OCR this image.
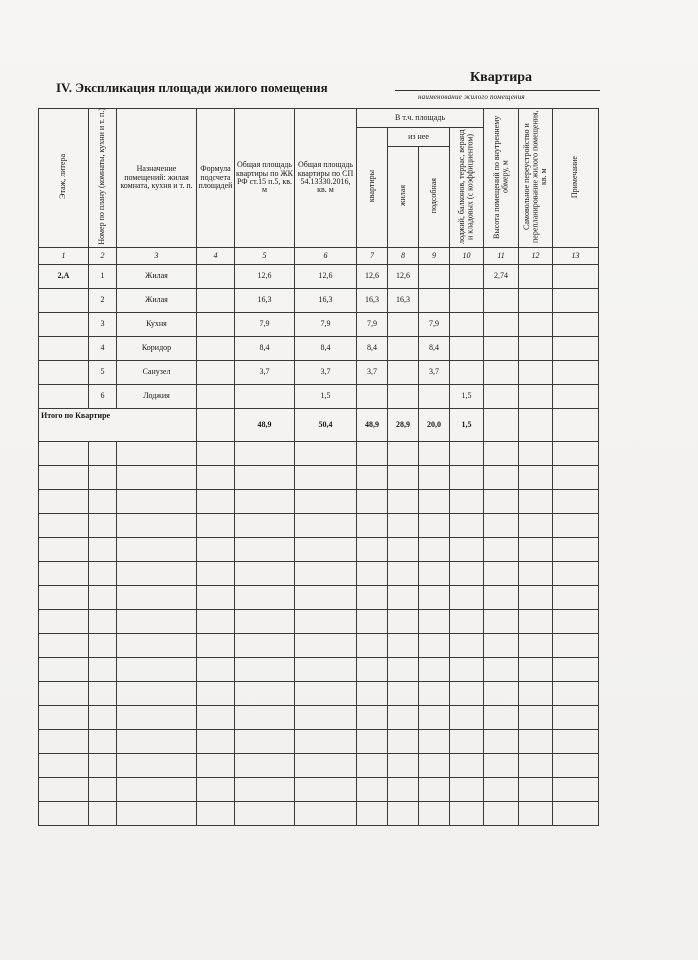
IV. Экспликация площади жилого помещения
Квартира
наименование жилого помещения
Этаж, литера	Номер по плану (комнаты, кухни и т. п.)	Назначение помещений: жилая комната, кухня и т. п.	Формула подсчета площадей	Общая площадь квартиры по ЖК РФ ст.15 п.5, кв. м	Общая площадь квартиры по СП 54.13330.2016, кв. м	В т.ч. площадь				Высота помещений по внутреннему обмеру, м	Самовольное переустройство и перепланирование жилого помещения, кв. м	Примечание
						квартиры	из нее		лоджий, балконов, террас, веранд и кладовых (с коэффициентом)			
							жилая	подсобная				
1	2	3	4	5	6	7	8	9	10	11	12	13
2,А	1	Жилая		12,6	12,6	12,6	12,6			2,74		
	2	Жилая		16,3	16,3	16,3	16,3					
	3	Кухня		7,9	7,9	7,9		7,9				
	4	Коридор		8,4	8,4	8,4		8,4				
	5	Санузел		3,7	3,7	3,7		3,7				
	6	Лоджия			1,5				1,5			
Итого по Квартире				48,9	50,4	48,9	28,9	20,0	1,5			
